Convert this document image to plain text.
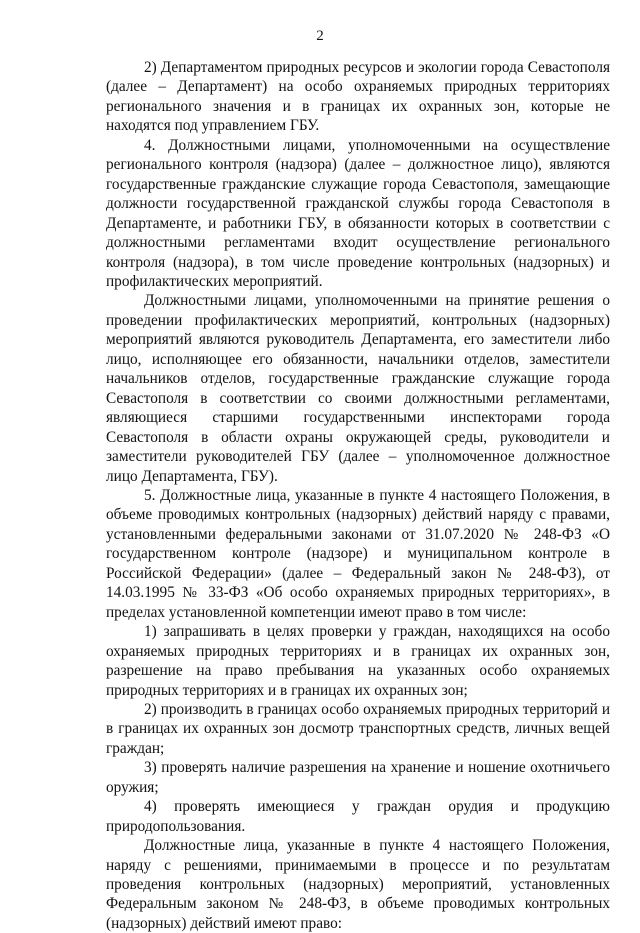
2

2) Департаментом природных ресурсов и экологии города Севастополя (далее – Департамент) на особо охраняемых природных территориях регионального значения и в границах их охранных зон, которые не находятся под управлением ГБУ.

4. Должностными лицами, уполномоченными на осуществление регионального контроля (надзора) (далее – должностное лицо), являются государственные гражданские служащие города Севастополя, замещающие должности государственной гражданской службы города Севастополя в Департаменте, и работники ГБУ, в обязанности которых в соответствии с должностными регламентами входит осуществление регионального контроля (надзора), в том числе проведение контрольных (надзорных) и профилактических мероприятий.

Должностными лицами, уполномоченными на принятие решения о проведении профилактических мероприятий, контрольных (надзорных) мероприятий являются руководитель Департамента, его заместители либо лицо, исполняющее его обязанности, начальники отделов, заместители начальников отделов, государственные гражданские служащие города Севастополя в соответствии со своими должностными регламентами, являющиеся старшими государственными инспекторами города Севастополя в области охраны окружающей среды, руководители и заместители руководителей ГБУ (далее – уполномоченное должностное лицо Департамента, ГБУ).

5. Должностные лица, указанные в пункте 4 настоящего Положения, в объеме проводимых контрольных (надзорных) действий наряду с правами, установленными федеральными законами от 31.07.2020 № 248-ФЗ «О государственном контроле (надзоре) и муниципальном контроле в Российской Федерации» (далее – Федеральный закон № 248-ФЗ), от 14.03.1995 № 33-ФЗ «Об особо охраняемых природных территориях», в пределах установленной компетенции имеют право в том числе:

1) запрашивать в целях проверки у граждан, находящихся на особо охраняемых природных территориях и в границах их охранных зон, разрешение на право пребывания на указанных особо охраняемых природных территориях и в границах их охранных зон;

2) производить в границах особо охраняемых природных территорий и в границах их охранных зон досмотр транспортных средств, личных вещей граждан;

3) проверять наличие разрешения на хранение и ношение охотничьего оружия;

4) проверять имеющиеся у граждан орудия и продукцию природопользования.

Должностные лица, указанные в пункте 4 настоящего Положения, наряду с решениями, принимаемыми в процессе и по результатам проведения контрольных (надзорных) мероприятий, установленных Федеральным законом № 248-ФЗ, в объеме проводимых контрольных (надзорных) действий имеют право:
